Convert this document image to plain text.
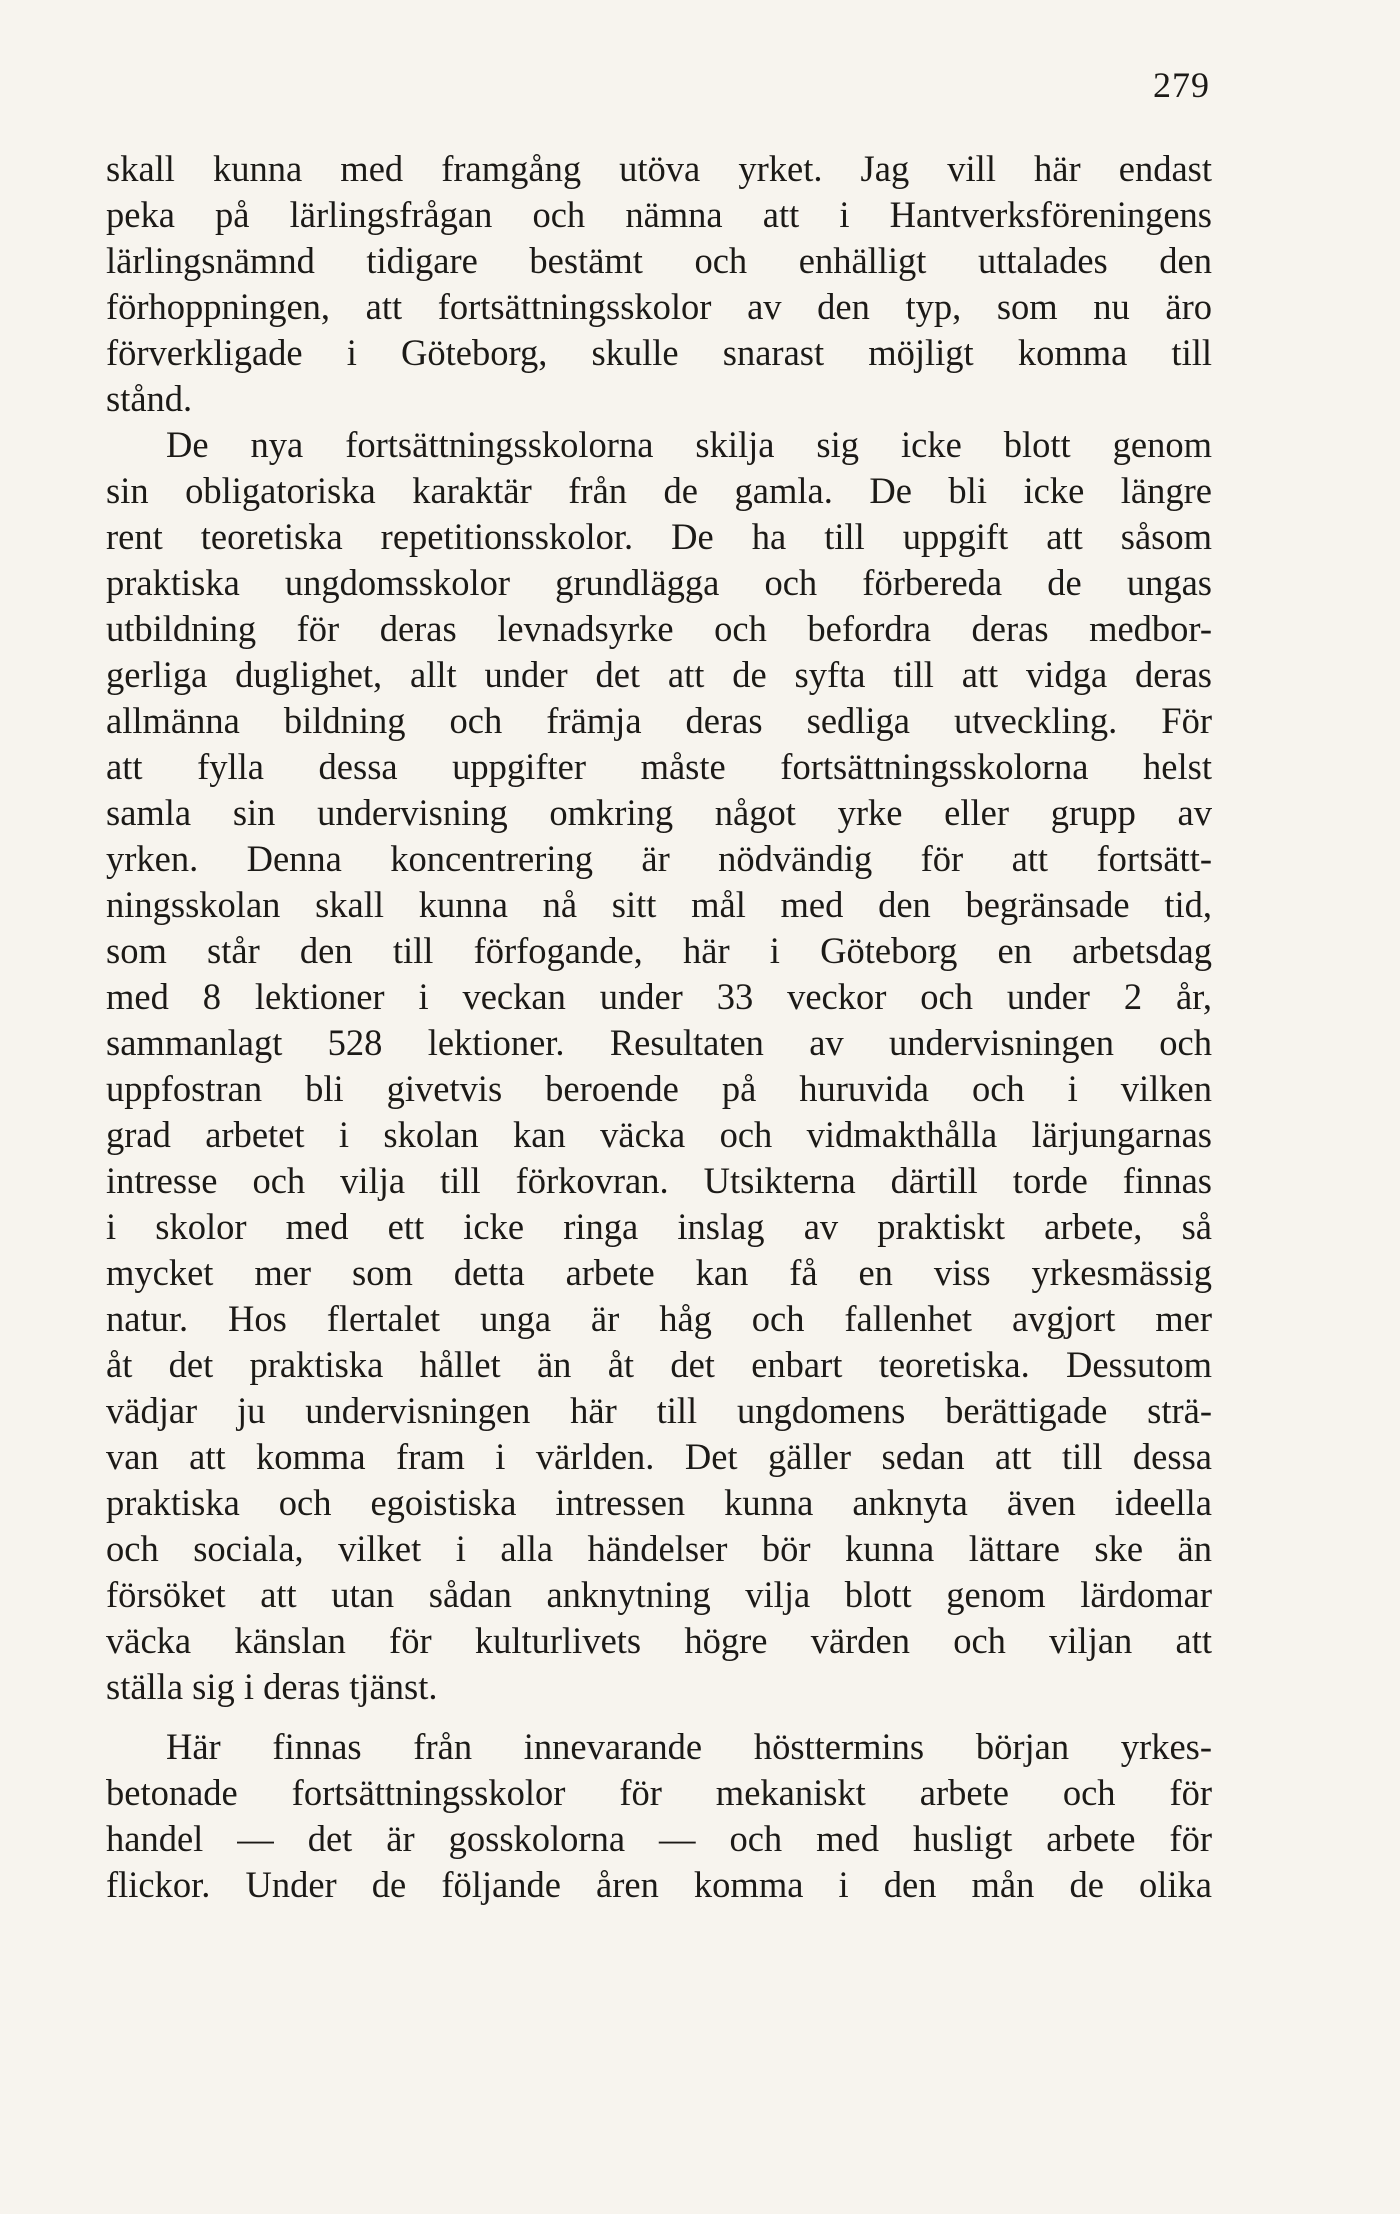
279
skall kunna med framgång utöva yrket. Jag vill här endast
peka på lärlingsfrågan och nämna att i Hantverksföreningens
lärlingsnämnd tidigare bestämt och enhälligt uttalades den
förhoppningen, att fortsättningsskolor av den typ, som nu äro
förverkligade i Göteborg, skulle snarast möjligt komma till
stånd.
De nya fortsättningsskolorna skilja sig icke blott genom
sin obligatoriska karaktär från de gamla. De bli icke längre
rent teoretiska repetitionsskolor. De ha till uppgift att såsom
praktiska ungdomsskolor grundlägga och förbereda de ungas
utbildning för deras levnadsyrke och befordra deras medbor-
gerliga duglighet, allt under det att de syfta till att vidga deras
allmänna bildning och främja deras sedliga utveckling. För
att fylla dessa uppgifter måste fortsättningsskolorna helst
samla sin undervisning omkring något yrke eller grupp av
yrken. Denna koncentrering är nödvändig för att fortsätt-
ningsskolan skall kunna nå sitt mål med den begränsade tid,
som står den till förfogande, här i Göteborg en arbetsdag
med 8 lektioner i veckan under 33 veckor och under 2 år,
sammanlagt 528 lektioner. Resultaten av undervisningen och
uppfostran bli givetvis beroende på huruvida och i vilken
grad arbetet i skolan kan väcka och vidmakthålla lärjungarnas
intresse och vilja till förkovran. Utsikterna därtill torde finnas
i skolor med ett icke ringa inslag av praktiskt arbete, så
mycket mer som detta arbete kan få en viss yrkesmässig
natur. Hos flertalet unga är håg och fallenhet avgjort mer
åt det praktiska hållet än åt det enbart teoretiska. Dessutom
vädjar ju undervisningen här till ungdomens berättigade strä-
van att komma fram i världen. Det gäller sedan att till dessa
praktiska och egoistiska intressen kunna anknyta även ideella
och sociala, vilket i alla händelser bör kunna lättare ske än
försöket att utan sådan anknytning vilja blott genom lärdomar
väcka känslan för kulturlivets högre värden och viljan att
ställa sig i deras tjänst.
Här finnas från innevarande hösttermins början yrkes-
betonade fortsättningsskolor för mekaniskt arbete och för
handel — det är gosskolorna — och med husligt arbete för
flickor. Under de följande åren komma i den mån de olika
